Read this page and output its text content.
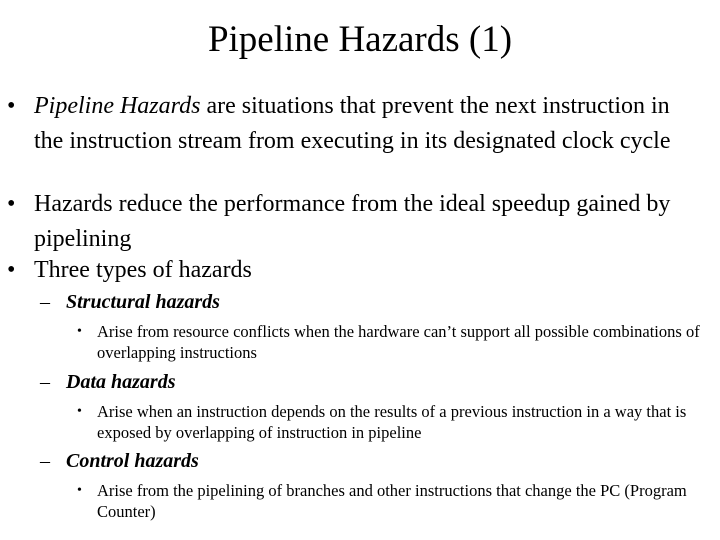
Pipeline Hazards (1)
• Pipeline Hazards are situations that prevent the next instruction in the instruction stream from executing in its designated clock cycle
• Hazards reduce the performance from the ideal speedup gained by pipelining
• Three types of hazards
– Structural hazards
• Arise from resource conflicts when the hardware can’t support all possible combinations of overlapping instructions
– Data hazards
• Arise when an instruction depends on the results of a previous instruction in a way that is exposed by overlapping of instruction in pipeline
– Control hazards
• Arise from the pipelining of branches and other instructions that change the PC (Program Counter)
